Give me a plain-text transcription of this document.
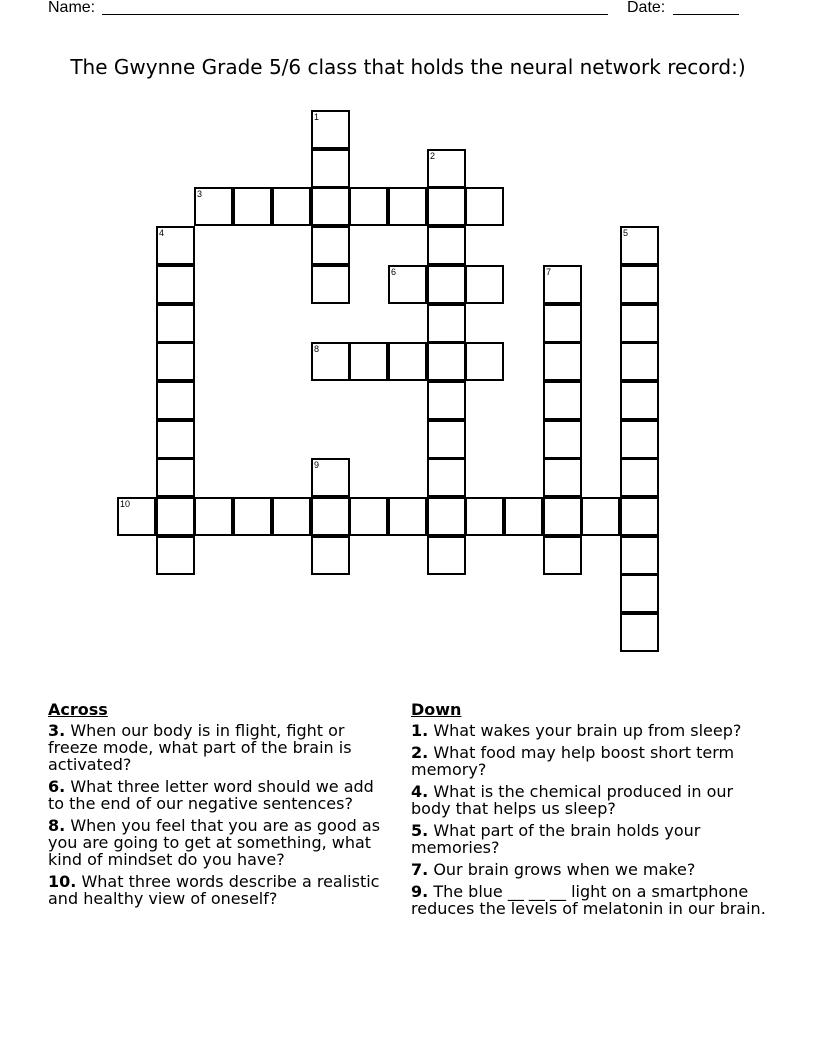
Name:

	Date:

The Gwynne Grade 5/6 class that holds the neural network record:)
1
2
3
4	5
6	7
8
9
10
Across
3. When our body is in flight, fight or freeze mode, what part of the brain is activated?
6. What three letter word should we add to the end of our negative sentences?
8. When you feel that you are as good as you are going to get at something, what kind of mindset do you have?
10. What three words describe a realistic and healthy view of oneself?
Down
1. What wakes your brain up from sleep?
2. What food may help boost short term memory?
4. What is the chemical produced in our body that helps us sleep?
5. What part of the brain holds your memories?
7. Our brain grows when we make?
9. The blue __ __ __ light on a smartphone reduces the levels of melatonin in our brain.
